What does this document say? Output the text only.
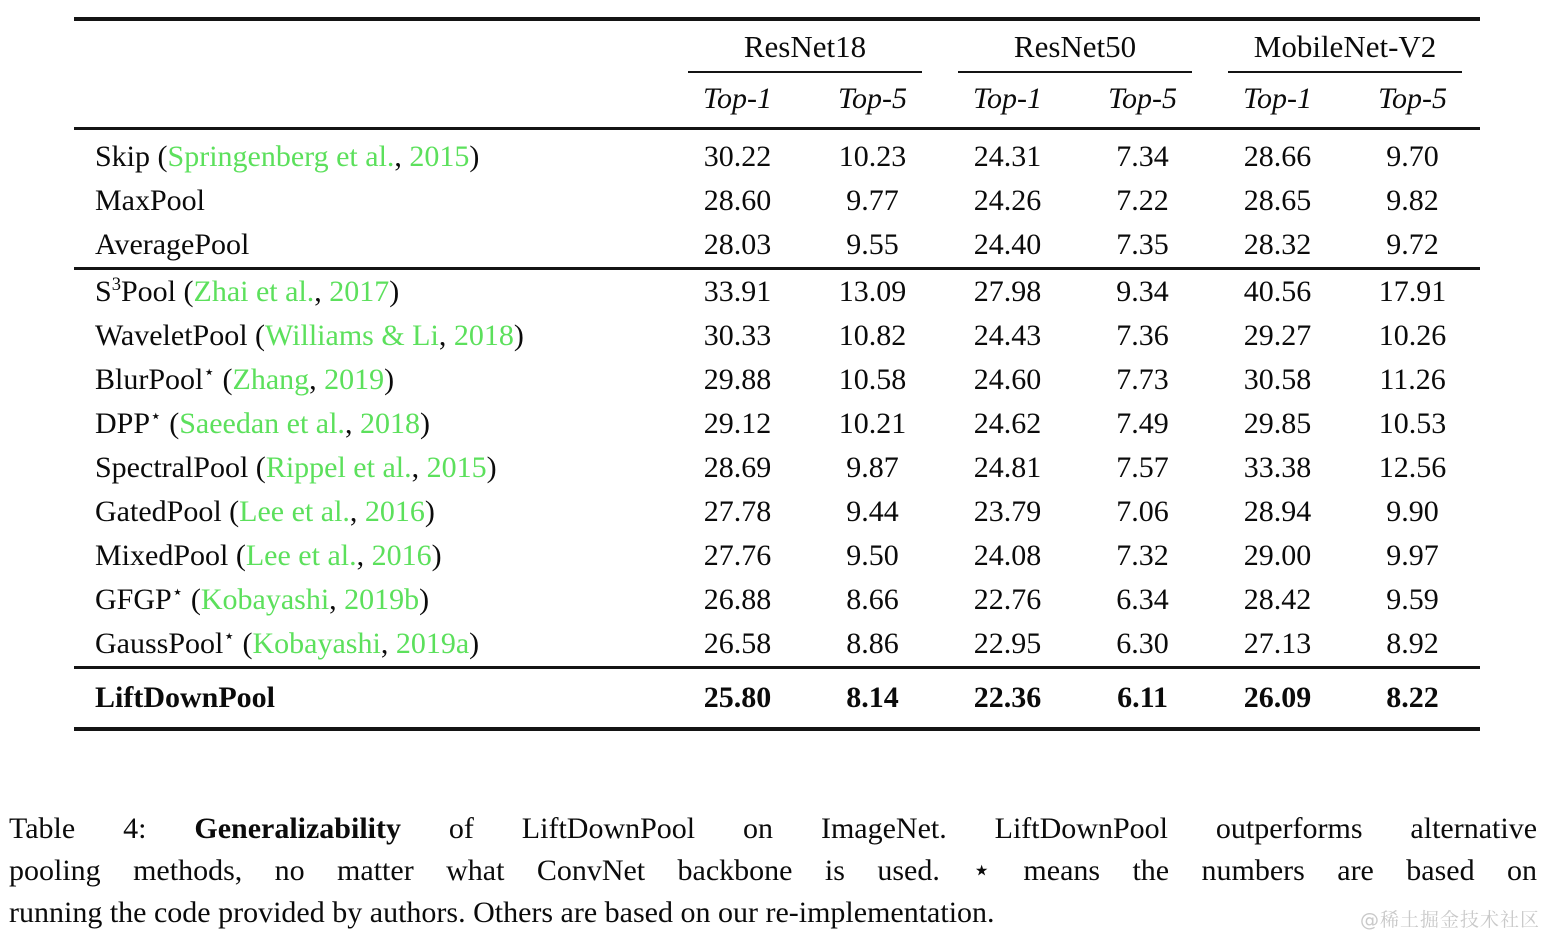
	ResNet18		ResNet50		MobileNet-V2	

	Top-1	Top-5	Top-1	Top-5	Top-1	Top-5
Skip (Springenberg et al., 2015)	30.22	10.23	24.31	7.34	28.66	9.70
MaxPool	28.60	9.77	24.26	7.22	28.65	9.82
AveragePool	28.03	9.55	24.40	7.35	28.32	9.72
$S^3Pool$ (Zhai et al., 2017)	33.91	13.09	27.98	9.34	40.56	17.91
WaveletPool (Williams & Li, 2018)	30.33	10.82	24.43	7.36	29.27	10.26
BlurPool⋆ (Zhang, 2019)	29.88	10.58	24.60	7.73	30.58	11.26
DPP⋆ (Saeedan et al., 2018)	29.12	10.21	24.62	7.49	29.85	10.53
SpectralPool (Rippel et al., 2015)	28.69	9.87	24.81	7.57	33.38	12.56
GatedPool (Lee et al., 2016)	27.78	9.44	23.79	7.06	28.94	9.90
MixedPool (Lee et al., 2016)	27.76	9.50	24.08	7.32	29.00	9.97
GFGP⋆ (Kobayashi, 2019b)	26.88	8.66	22.76	6.34	28.42	9.59
GaussPool⋆ (Kobayashi, 2019a)	26.58	8.86	22.95	6.30	27.13	8.92
LiftDownPool	25.80	8.14	22.36	6.11	26.09	8.22
Table 4: Generalizability of LiftDownPool on ImageNet. LiftDownPool outperforms alternative
pooling methods, no matter what ConvNet backbone is used. ⋆ means the numbers are based on
running the code provided by authors. Others are based on our re-implementation.	@稀土掘金技术社区
